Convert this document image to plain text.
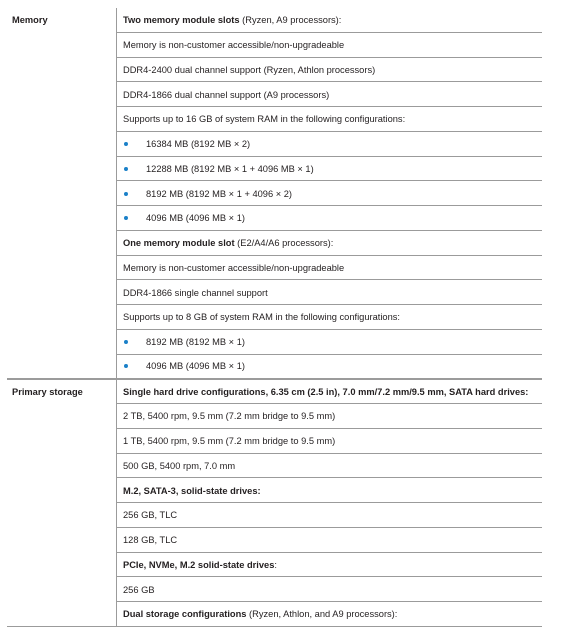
Memory	Two memory module slots (Ryzen, A9 processors):
Memory is non-customer accessible/non-upgradeable
DDR4-2400 dual channel support (Ryzen, Athlon processors)
DDR4-1866 dual channel support (A9 processors)
Supports up to 16 GB of system RAM in the following configurations:
16384 MB (8192 MB × 2)
12288 MB (8192 MB × 1 + 4096 MB × 1)
8192 MB (8192 MB × 1 + 4096 × 2)
4096 MB (4096 MB × 1)
One memory module slot (E2/A4/A6 processors):
Memory is non-customer accessible/non-upgradeable
DDR4-1866 single channel support
Supports up to 8 GB of system RAM in the following configurations:
8192 MB (8192 MB × 1)
4096 MB (4096 MB × 1)
Primary storage	Single hard drive configurations, 6.35 cm (2.5 in), 7.0 mm/7.2 mm/9.5 mm, SATA hard drives:
2 TB, 5400 rpm, 9.5 mm (7.2 mm bridge to 9.5 mm)
1 TB, 5400 rpm, 9.5 mm (7.2 mm bridge to 9.5 mm)
500 GB, 5400 rpm, 7.0 mm
M.2, SATA-3, solid-state drives:
256 GB, TLC
128 GB, TLC
PCIe, NVMe, M.2 solid-state drives :
256 GB
Dual storage configurations (Ryzen, Athlon, and A9 processors):
